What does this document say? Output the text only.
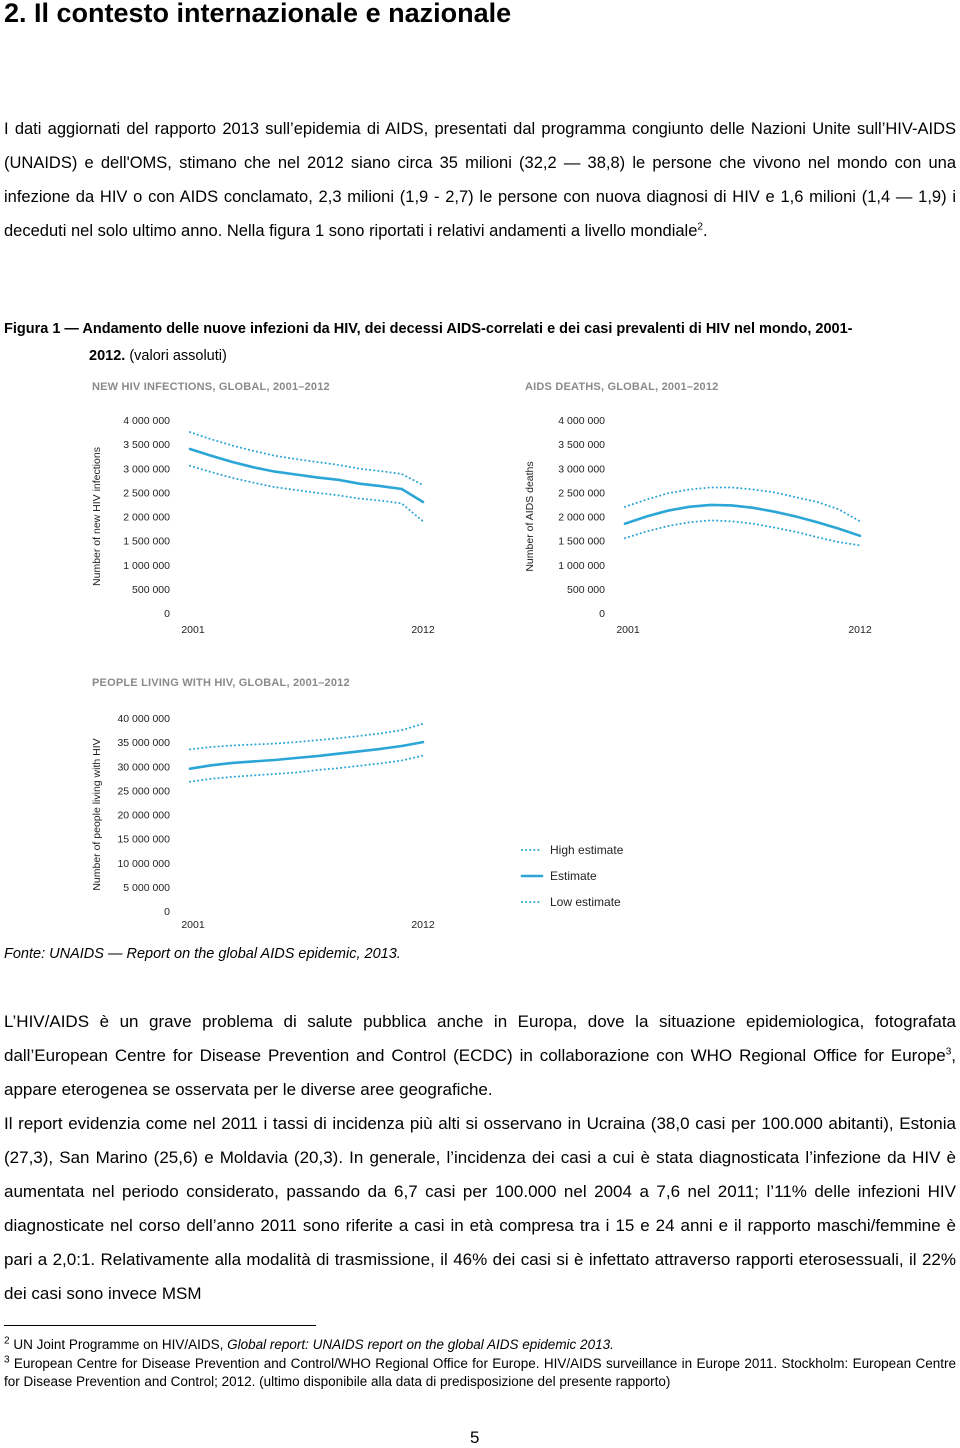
2. Il contesto internazionale e nazionale
I dati aggiornati del rapporto 2013 sull’epidemia di AIDS, presentati dal programma congiunto delle Nazioni Unite sull’HIV-AIDS (UNAIDS) e dell'OMS, stimano che nel 2012 siano circa 35 milioni (32,2 — 38,8) le persone che vivono nel mondo con una infezione da HIV o con AIDS conclamato, 2,3 milioni (1,9 - 2,7) le persone con nuova diagnosi di HIV e 1,6 milioni (1,4 — 1,9) i deceduti nel solo ultimo anno. Nella figura 1 sono riportati i relativi andamenti a livello mondiale$^2$.
Figura 1 — Andamento delle nuove infezioni da HIV, dei decessi AIDS-correlati e dei casi prevalenti di HIV nel mondo, 2001-
2012. (valori assoluti)
NEW HIV INFECTIONS, GLOBAL, 2001–2012
4 000 000
3 500 000
3 000 000
2 500 000
2 000 000
1 500 000
1 000 000
500 000
0
2001	2012
Number of new HIV infections
AIDS DEATHS, GLOBAL, 2001–2012
4 000 000
3 500 000
3 000 000
2 500 000
2 000 000
1 500 000
1 000 000
500 000
0
2001	2012
Number of AIDS deaths
PEOPLE LIVING WITH HIV, GLOBAL, 2001–2012
40 000 000
35 000 000
30 000 000
25 000 000
20 000 000
15 000 000
10 000 000
5 000 000
0
2001	2012
Number of people living with HIV	High estimate
Estimate
Low estimate
Fonte: UNAIDS — Report on the global AIDS epidemic, 2013.
L’HIV/AIDS è un grave problema di salute pubblica anche in Europa, dove la situazione epidemiologica, fotografata dall’European Centre for Disease Prevention and Control (ECDC) in collaborazione con WHO Regional Office for Europe$^3$, appare eterogenea se osservata per le diverse aree geografiche.
Il report evidenzia come nel 2011 i tassi di incidenza più alti si osservano in Ucraina (38,0 casi per 100.000 abitanti), Estonia (27,3), San Marino (25,6) e Moldavia (20,3). In generale, l’incidenza dei casi a cui è stata diagnosticata l’infezione da HIV è aumentata nel periodo considerato, passando da 6,7 casi per 100.000 nel 2004 a 7,6 nel 2011; l’11% delle infezioni HIV diagnosticate nel corso dell’anno 2011 sono riferite a casi in età compresa tra i 15 e 24 anni e il rapporto maschi/femmine è pari a 2,0:1. Relativamente alla modalità di trasmissione, il 46% dei casi si è infettato attraverso rapporti eterosessuali, il 22% dei casi sono invece MSM
$^2$ UN Joint Programme on HIV/AIDS, Global report: UNAIDS report on the global AIDS epidemic 2013.
$^3$ European Centre for Disease Prevention and Control/WHO Regional Office for Europe. HIV/AIDS surveillance in Europe 2011. Stockholm: European Centre for Disease Prevention and Control; 2012. (ultimo disponibile alla data di predisposizione del presente rapporto)
5
